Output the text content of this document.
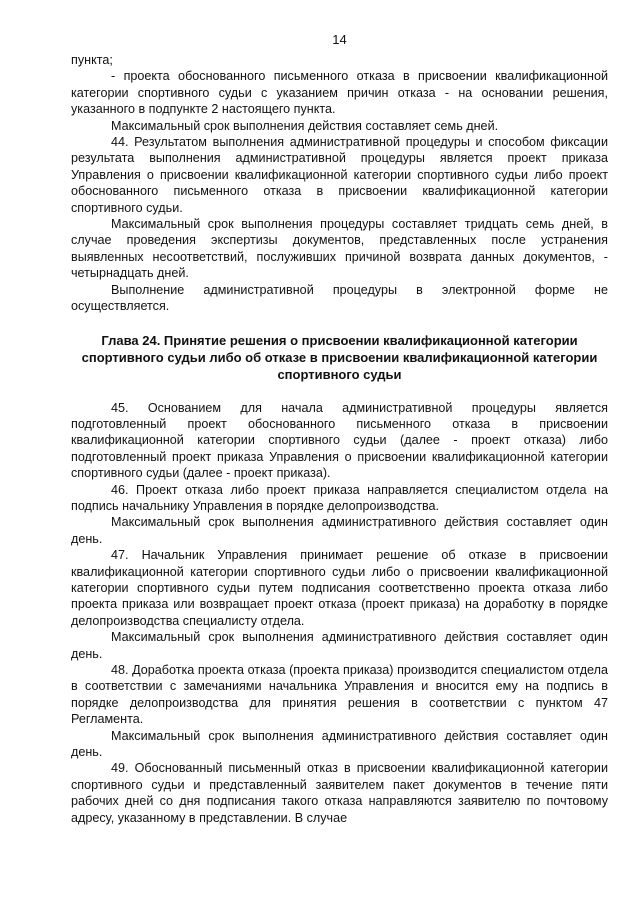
14

пункта;

- проекта обоснованного письменного отказа в присвоении квалификационной категории спортивного судьи с указанием причин отказа - на основании решения, указанного в подпункте 2 настоящего пункта.

Максимальный срок выполнения действия составляет семь дней.

44. Результатом выполнения административной процедуры и способом фиксации результата выполнения административной процедуры является проект приказа Управления о присвоении квалификационной категории спортивного судьи либо проект обоснованного письменного отказа в присвоении квалификационной категории спортивного судьи.

Максимальный срок выполнения процедуры составляет тридцать семь дней, в случае проведения экспертизы документов, представленных после устранения выявленных несоответствий, послуживших причиной возврата данных документов, - четырнадцать дней.

Выполнение административной процедуры в электронной форме не осуществляется.

Глава 24. Принятие решения о присвоении квалификационной категории спортивного судьи либо об отказе в присвоении квалификационной категории спортивного судьи

45. Основанием для начала административной процедуры является подготовленный проект обоснованного письменного отказа в присвоении квалификационной категории спортивного судьи (далее - проект отказа) либо подготовленный проект приказа Управления о присвоении квалификационной категории спортивного судьи (далее - проект приказа).

46. Проект отказа либо проект приказа направляется специалистом отдела на подпись начальнику Управления в порядке делопроизводства.

Максимальный срок выполнения административного действия составляет один день.

47. Начальник Управления принимает решение об отказе в присвоении квалификационной категории спортивного судьи либо о присвоении квалификационной категории спортивного судьи путем подписания соответственно проекта отказа либо проекта приказа или возвращает проект отказа (проект приказа) на доработку в порядке делопроизводства специалисту отдела.

Максимальный срок выполнения административного действия составляет один день.

48. Доработка проекта отказа (проекта приказа) производится специалистом отдела в соответствии с замечаниями начальника Управления и вносится ему на подпись в порядке делопроизводства для принятия решения в соответствии с пунктом 47 Регламента.

Максимальный срок выполнения административного действия составляет один день.

49. Обоснованный письменный отказ в присвоении квалификационной категории спортивного судьи и представленный заявителем пакет документов в течение пяти рабочих дней со дня подписания такого отказа направляются заявителю по почтовому адресу, указанному в представлении. В случае
